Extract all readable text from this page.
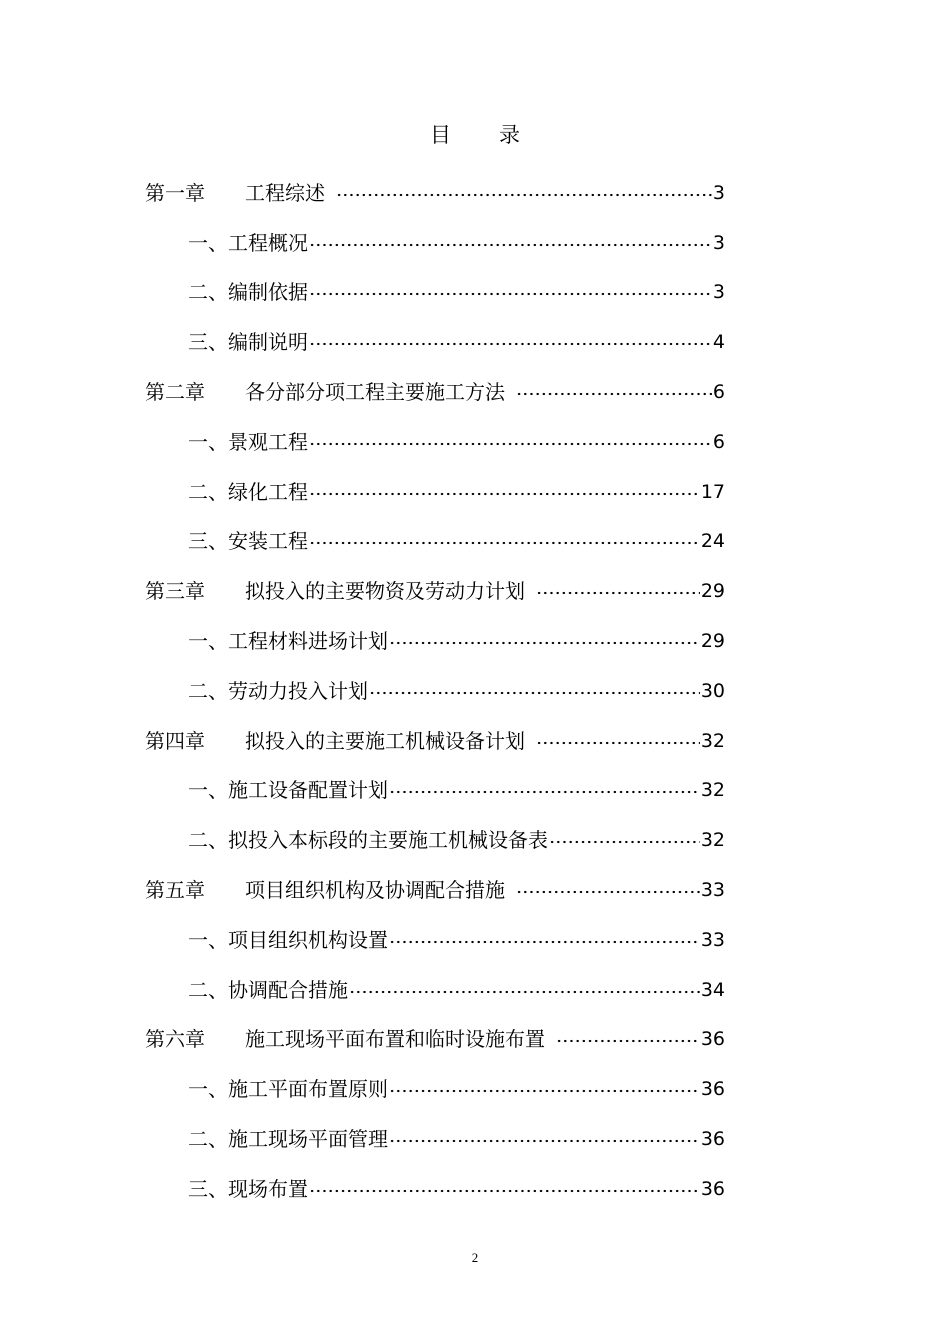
目 录
第一章	工程综述	3
一、工程概况	3
二、编制依据	3
三、编制说明	4
第二章	各分部分项工程主要施工方法	6
一、景观工程	6
二、绿化工程	17
三、安装工程	24
第三章	拟投入的主要物资及劳动力计划	29
一、工程材料进场计划	29
二、劳动力投入计划	30
第四章	拟投入的主要施工机械设备计划	32
一、施工设备配置计划	32
二、拟投入本标段的主要施工机械设备表	32
第五章	项目组织机构及协调配合措施	33
一、项目组织机构设置	33
二、协调配合措施	34
第六章	施工现场平面布置和临时设施布置	36
一、施工平面布置原则	36
二、施工现场平面管理	36
三、现场布置	36
2
